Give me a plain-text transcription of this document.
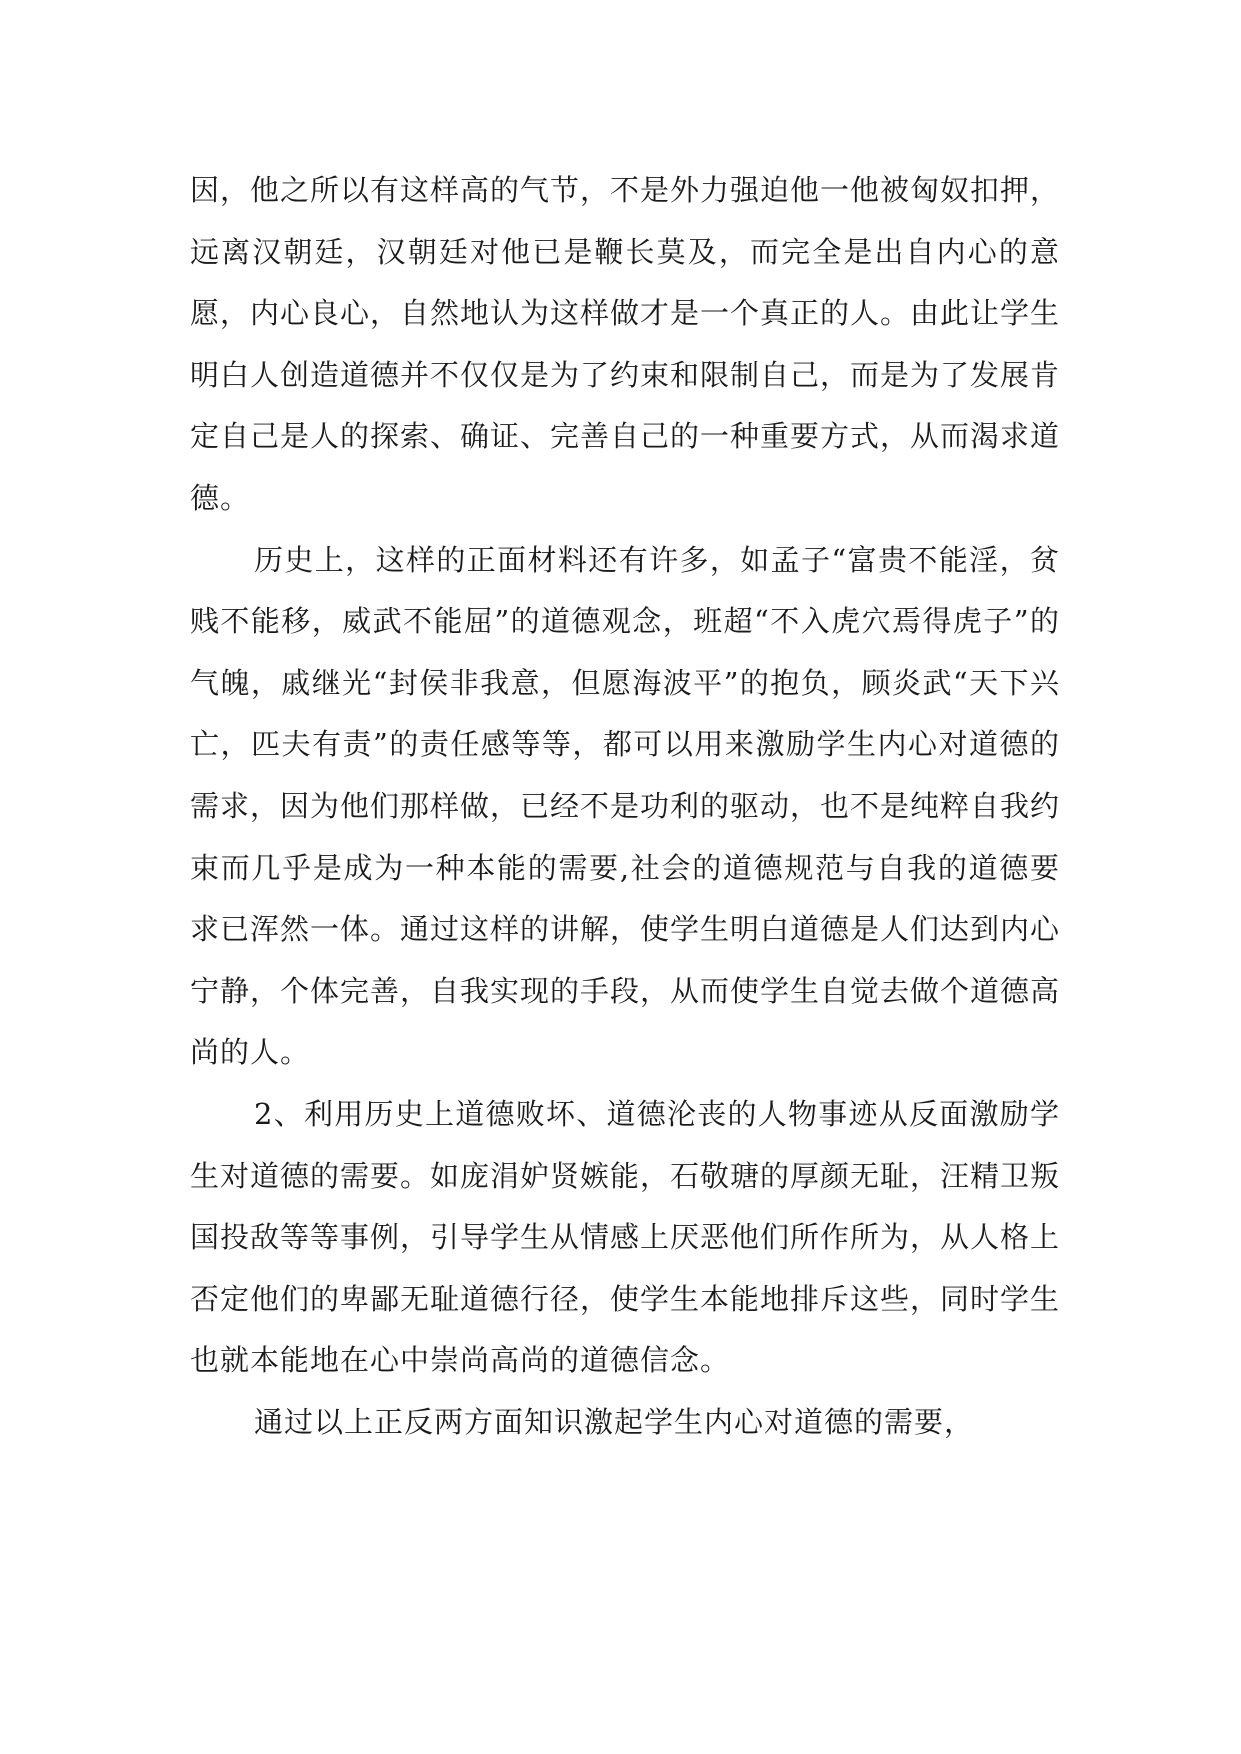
因，他之所以有这样高的气节，不是外力强迫他一他被匈奴扣押，远离汉朝廷，汉朝廷对他已是鞭长莫及，而完全是出自内心的意愿，内心良心，自然地认为这样做才是一个真正的人。由此让学生明白人创造道德并不仅仅是为了约束和限制自己，而是为了发展肯定自己是人的探索、确证、完善自己的一种重要方式，从而渴求道德。

历史上，这样的正面材料还有许多，如孟子“富贵不能淫，贫贱不能移，威武不能屈”的道德观念，班超“不入虎穴焉得虎子”的气魄，戚继光“封侯非我意，但愿海波平”的抱负，顾炎武“天下兴亡，匹夫有责”的责任感等等，都可以用来激励学生内心对道德的需求，因为他们那样做，已经不是功利的驱动，也不是纯粹自我约束而几乎是成为一种本能的需要,社会的道德规范与自我的道德要求已浑然一体。通过这样的讲解，使学生明白道德是人们达到内心宁静，个体完善，自我实现的手段，从而使学生自觉去做个道德高尚的人。

2、利用历史上道德败坏、道德沦丧的人物事迹从反面激励学生对道德的需要。如庞涓妒贤嫉能，石敬瑭的厚颜无耻，汪精卫叛国投敌等等事例，引导学生从情感上厌恶他们所作所为，从人格上否定他们的卑鄙无耻道德行径，使学生本能地排斥这些，同时学生也就本能地在心中崇尚高尚的道德信念。

通过以上正反两方面知识激起学生内心对道德的需要，
